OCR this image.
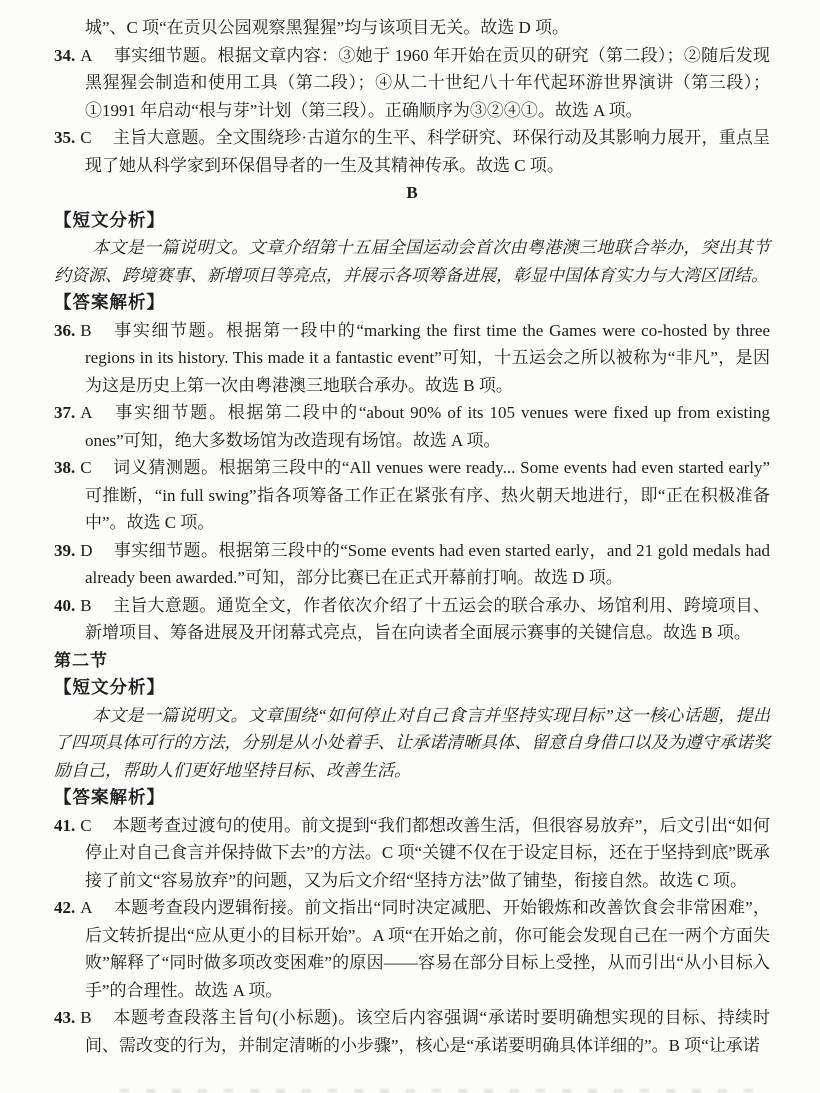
城”、C 项“在贡贝公园观察黑猩猩”均与该项目无关。故选 D 项。

34. A 事实细节题。根据文章内容：③她于 1960 年开始在贡贝的研究（第二段）；②随后发现黑猩猩会制造和使用工具（第二段）；④从二十世纪八十年代起环游世界演讲（第三段）；①1991 年启动“根与芽”计划（第三段）。正确顺序为③②④①。故选 A 项。

35. C 主旨大意题。全文围绕珍·古道尔的生平、科学研究、环保行动及其影响力展开，重点呈现了她从科学家到环保倡导者的一生及其精神传承。故选 C 项。

B

【短文分析】

本文是一篇说明文。文章介绍第十五届全国运动会首次由粤港澳三地联合举办，突出其节约资源、跨境赛事、新增项目等亮点，并展示各项筹备进展，彰显中国体育实力与大湾区团结。

【答案解析】

36. B 事实细节题。根据第一段中的“marking the first time the Games were co-hosted by three regions in its history. This made it a fantastic event”可知，十五运会之所以被称为“非凡”，是因为这是历史上第一次由粤港澳三地联合承办。故选 B 项。

37. A 事实细节题。根据第二段中的“about 90% of its 105 venues were fixed up from existing ones”可知，绝大多数场馆为改造现有场馆。故选 A 项。

38. C 词义猜测题。根据第三段中的“All venues were ready... Some events had even started early”可推断，“in full swing”指各项筹备工作正在紧张有序、热火朝天地进行，即“正在积极准备中”。故选 C 项。

39. D 事实细节题。根据第三段中的“Some events had even started early，and 21 gold medals had already been awarded.”可知，部分比赛已在正式开幕前打响。故选 D 项。

40. B 主旨大意题。通览全文，作者依次介绍了十五运会的联合承办、场馆利用、跨境项目、新增项目、筹备进展及开闭幕式亮点，旨在向读者全面展示赛事的关键信息。故选 B 项。

第二节

【短文分析】

本文是一篇说明文。文章围绕“如何停止对自己食言并坚持实现目标”这一核心话题，提出了四项具体可行的方法，分别是从小处着手、让承诺清晰具体、留意自身借口以及为遵守承诺奖励自己，帮助人们更好地坚持目标、改善生活。

【答案解析】

41. C 本题考查过渡句的使用。前文提到“我们都想改善生活，但很容易放弃”，后文引出“如何停止对自己食言并保持做下去”的方法。C 项“关键不仅在于设定目标，还在于坚持到底”既承接了前文“容易放弃”的问题，又为后文介绍“坚持方法”做了铺垫，衔接自然。故选 C 项。

42. A 本题考查段内逻辑衔接。前文指出“同时决定减肥、开始锻炼和改善饮食会非常困难”，后文转折提出“应从更小的目标开始”。A 项“在开始之前，你可能会发现自己在一两个方面失败”解释了“同时做多项改变困难”的原因——容易在部分目标上受挫，从而引出“从小目标入手”的合理性。故选 A 项。

43. B 本题考查段落主旨句(小标题)。该空后内容强调“承诺时要明确想实现的目标、持续时间、需改变的行为，并制定清晰的小步骤”，核心是“承诺要明确具体详细的”。B 项“让承诺
